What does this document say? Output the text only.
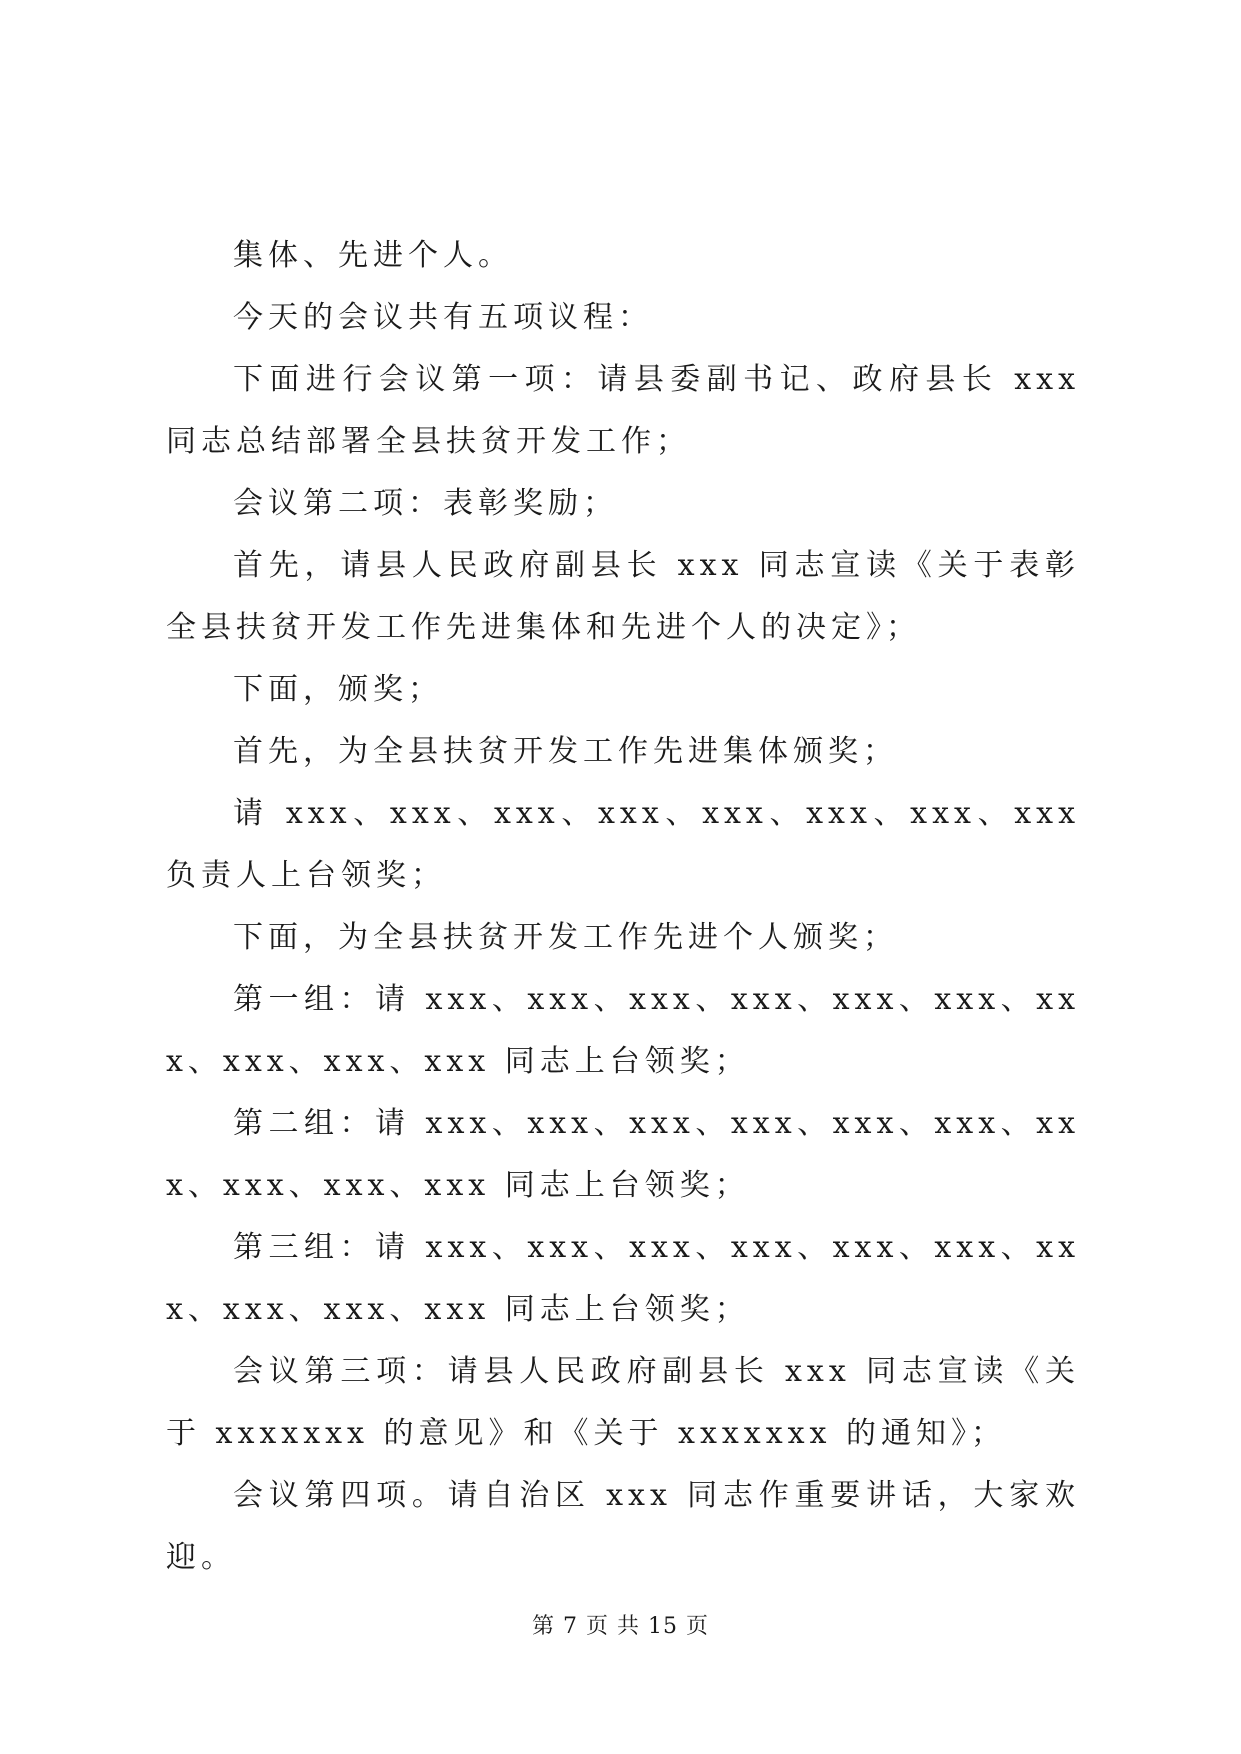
集体、先进个人。

今天的会议共有五项议程：

下面进行会议第一项：请县委副书记、政府县长 xxx 同志总结部署全县扶贫开发工作；

会议第二项：表彰奖励；

首先，请县人民政府副县长 xxx 同志宣读《关于表彰全县扶贫开发工作先进集体和先进个人的决定》；

下面，颁奖；

首先，为全县扶贫开发工作先进集体颁奖；

请 xxx、xxx、xxx、xxx、xxx、xxx、xxx、xxx 负责人上台领奖；

下面，为全县扶贫开发工作先进个人颁奖；

第一组：请 xxx、xxx、xxx、xxx、xxx、xxx、xxx、xxx、xxx、xxx 同志上台领奖；

第二组：请 xxx、xxx、xxx、xxx、xxx、xxx、xxx、xxx、xxx、xxx 同志上台领奖；

第三组：请 xxx、xxx、xxx、xxx、xxx、xxx、xxx、xxx、xxx、xxx 同志上台领奖；

会议第三项：请县人民政府副县长 xxx 同志宣读《关于 xxxxxxx 的意见》和《关于 xxxxxxx 的通知》；

会议第四项。请自治区 xxx 同志作重要讲话，大家欢迎。

第 7 页 共 15 页
